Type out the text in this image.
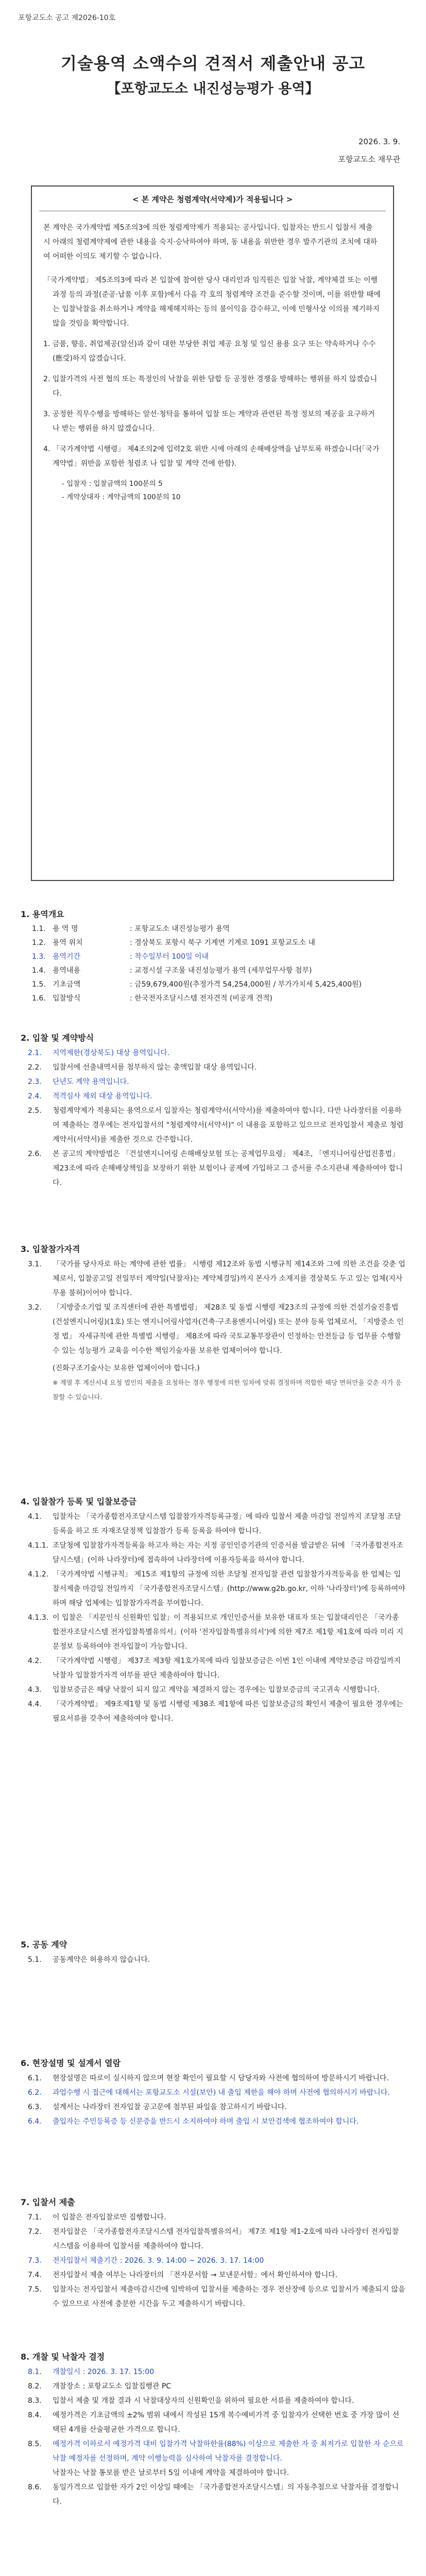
포항교도소 공고 제2026-10호
기술용역 소액수의 견적서 제출안내 공고
【포항교도소 내진성능평가 용역】
2026. 3. 9.
포항교도소 재무관
< 본 계약은 청렴계약(서약제)가 적용됩니다 >

본 계약은 국가계약법 제5조의3에 의한 청렴계약제가 적용되는 공사입니다. 입찰자는 반드시 입찰서 제출 시 아래의 청렴계약제에 관한 내용을 숙지·승낙하여야 하며, 동 내용을 위반한 경우 발주기관의 조치에 대하여 어떠한 이의도 제기할 수 없습니다.

「국가계약법」 제5조의3에 따라 본 입찰에 참여한 당사 대리인과 임직원은 입찰 낙찰, 계약체결 또는 이행과정 등의 과정(준공·납품 이후 포함)에서 다음 각 호의 청렴계약 조건을 준수할 것이며, 이를 위반할 때에는 입찰낙찰을 취소하거나 계약을 해제해지하는 등의 불이익을 감수하고, 이에 민형사상 이의를 제기하지 않을 것임을 확약합니다.
1. 금품, 향응, 취업제공(알선)과 같이 대한 부당한 취업 제공 요청 및 일신 용용 요구 또는 약속하거나 수수(應受)하지 않겠습니다.
2. 입찰가격의 사전 협의 또는 특정인의 낙찰을 위한 담합 등 공정한 경쟁을 방해하는 행위를 하지 않겠습니다.
3. 공정한 직무수행을 방해하는 알선·청탁을 통하여 입찰 또는 계약과 관련된 특정 정보의 제공을 요구하거나 받는 행위를 하지 않겠습니다.
4. 「국가계약법 시행령」 제4조의2에 입력2호 위반 시에 아래의 손해배상액을 납부토록 하겠습니다(「국가계약법」위반을 포함한 청렴조 나 입찰 및 계약 건에 한함).
- 입찰자 : 입찰금액의 100분의 5
- 계약상대자 : 계약금액의 100분의 10
1. 용역개요
1.1. 용 역 명	: 포항교도소 내진성능평가 용역
1.2. 용역 위치	: 경상북도 포항시 북구 기계면 기계로 1091 포항교도소 내
1.3. 용역기간	: 착수일부터 100일 이내
1.4. 용역내용	: 교정시설 구조물 내진성능평가 용역 (세부업무사항 첨부)
1.5. 기초금액	: 금59,679,400원(추정가격 54,254,000원 / 부가가치세 5,425,400원)
1.6. 입찰방식	: 한국전자조달시스템 전자견적 (비공개 견적)
2. 입찰 및 계약방식
2.1. 지역제한(경상북도) 대상 용역입니다.
2.2. 입찰서에 선출내역서를 첨부하지 않는 총액입찰 대상 용역입니다.
2.3. 단년도 계약 용역입니다.
2.4. 적격심사 제외 대상 용역입니다.
2.5. 청렴계약제가 적용되는 용역으로서 입찰자는 청렴계약서(서약서)를 제출하여야 합니다. 다만 나라장터를 이용하여 제출하는 경우에는 전자입찰서의 "청렴계약서(서약서)" 이 내용을 포함하고 있으므로 전자입찰서 제출로 청렴계약서(서약서)를 제출한 것으로 간주합니다.
2.6. 본 공고의 계약방법은 「건설엔지니어링 손해배상보험 또는 공제업무요령」 제4조, 「엔지니어링산업진흥법」 제23조에 따라 손해배상책임을 보장하기 위한 보험이나 공제에 가입하고 그 증서를 주소지관내 제출하여야 합니다.
3. 입찰참가자격
3.1. 「국가를 당사자로 하는 계약에 관한 법률」 시행령 제12조와 동법 시행규칙 제14조와 그에 의한 조건을 갖춘 업체로서, 입찰공고일 전일부터 계약일(낙찰자)는 계약체결일)까지 본사가 소재지를 경상북도 두고 있는 업체(지사무용 불허)이어야 합니다.
3.2. 「지방중소기업 및 조직센터에 관한 특별법령」 제28조 및 동법 시행령 제23조의 규정에 의한 건설기술진흥법(건설엔지니어링)(1호) 또는 엔지니어링사업자(건축·구조용엔지니어링) 또는 분야 등록 업체로서, 「지방중소 인정 법」 자세규칙에 관한 특별법 시행령」 제8조에 따라 국토교통부장관이 인정하는 안전등급 등 업무를 수행할 수 있는 성능평가 교육을 이수한 책임기술자를 보유한 업체이어야 합니다.
(진화구조기술사는 보유한 업체이어야 합니다.)
※ 계열 후 계산서내 요청 법인의 제출을 요청하는 경우 행정에 의한 임차에 맞춰 결정하며 적합한 해당 면허만을 갖춘 자가 응찰할 수 있습니다.
4. 입찰참가 등록 및 입찰보증금
4.1. 입찰자는 「국가종합전자조달시스템 입찰참가자격등록규정」에 따라 입찰서 제출 마감일 전일까지 조달청 조달등록을 하고 또 자재조달정책 입찰참가 등록 등록을 하여야 합니다.
4.1.1. 조달청에 입찰참가자격등록을 하고자 하는 자는 지정 공인인증기관의 인증서를 발급받은 뒤에 「국가종합전자조달시스템」(이하 나라장터)에 접속하여 나라장터에 이용자등록을 하셔야 합니다.
4.1.2. 「국가계약법 시행규칙」 제15조 제1항의 규정에 의한 조달청 전자입찰 관련 입찰참가자격등록을 한 업체는 입찰서제출 마감일 전일까지 「국가종합전자조달시스템」(http://www.g2b.go.kr, 이하 '나라장터')에 등록하여야 하며 해당 업체에는 입찰참가자격을 부여합니다.
4.1.3. 이 입찰은 「지문인식 신원확인 입찰」이 적용되므로 개인인증서를 보유한 대표자 또는 입찰대리인은 「국가종합전자조달시스템 전자입찰특별유의서」(이하 '전자입찰특별유의서')에 의한 제7조 제1항 제1호에 따라 미리 지문정보 등록하여야 전자입찰이 가능합니다.
4.2. 「국가계약법 시행령」 제37조 제3항 제1호가목에 따라 입찰보증금은 이번 1인 이내에 계약보증금 마감일까지 낙찰자 입찰참가자격 여부를 판단 제출하여야 합니다.
4.3. 입찰보증금은 해당 낙찰이 되지 않고 계약을 체결하지 않는 경우에는 입찰보증금의 국고귀속 시행합니다.
4.4. 「국가계약법」 제9조제1항 및 동법 시행령 제38조 제1항에 따른 입찰보증금의 확인서 제출이 필요한 경우에는 필요서류를 갖추어 제출하여야 합니다.
5. 공동 계약
5.1. 공동계약은 허용하지 않습니다.
6. 현장설명 및 설계서 열람
6.1. 현장설명은 따로이 실시하지 않으며 현장 확인이 필요할 시 담당자와 사전에 협의하여 방문하시기 바랍니다.
6.2. 과업수행 시 접근에 대해서는 포항교도소 시설(보안) 내 출입 제한을 해야 하며 사전에 협의하시기 바랍니다.
6.3. 설계서는 나라장터 전자입찰 공고문에 첨부된 파일을 참고하시기 바랍니다.
6.4. 출입자는 주민등록증 등 신분증을 반드시 소지하여야 하며 출입 시 보안검색에 협조하여야 합니다.
7. 입찰서 제출
7.1. 이 입찰은 전자입찰로만 집행합니다.
7.2. 전자입찰은 「국가종합전자조달시스템 전자입찰특별유의서」 제7조 제1항 제1-2호에 따라 나라장터 전자입찰시스템을 이용하여 입찰서를 제출하여야 합니다.
7.3. 전자입찰서 제출기간 : 2026. 3. 9. 14:00 ~ 2026. 3. 17. 14:00
7.4. 전자입찰서 제출 여부는 나라장터의 「전자문서함 → 보낸문서함」에서 확인하셔야 합니다.
7.5. 입찰자는 전자입찰서 제출마감시간에 임박하여 입찰서를 제출하는 경우 전산장애 등으로 입찰서가 제출되지 않을 수 있으므로 사전에 충분한 시간을 두고 제출하시기 바랍니다.
8. 개찰 및 낙찰자 결정
8.1. 개찰일시 : 2026. 3. 17. 15:00
8.2. 개찰장소 : 포항교도소 입찰집행관 PC
8.3. 입찰서 제출 및 개찰 결과 시 낙찰대상자의 신원확인을 위하여 필요한 서류를 제출하여야 합니다.
8.4. 예정가격은 기초금액의 ±2% 범위 내에서 작성된 15개 복수예비가격 중 입찰자가 선택한 번호 중 가장 많이 선택된 4개를 산술평균한 가격으로 합니다.
8.5. 예정가격 이하로서 예정가격 대비 입찰가격 낙찰하한율(88%) 이상으로 제출한 자 중 최저가로 입찰한 자 순으로 낙찰 예정자를 선정하며, 계약 이행능력을 심사하여 낙찰자를 결정합니다.
낙찰자는 낙찰 통보를 받은 날로부터 5일 이내에 계약을 체결하여야 합니다.
8.6. 동일가격으로 입찰한 자가 2인 이상일 때에는 「국가종합전자조달시스템」의 자동추첨으로 낙찰자를 결정합니다.
